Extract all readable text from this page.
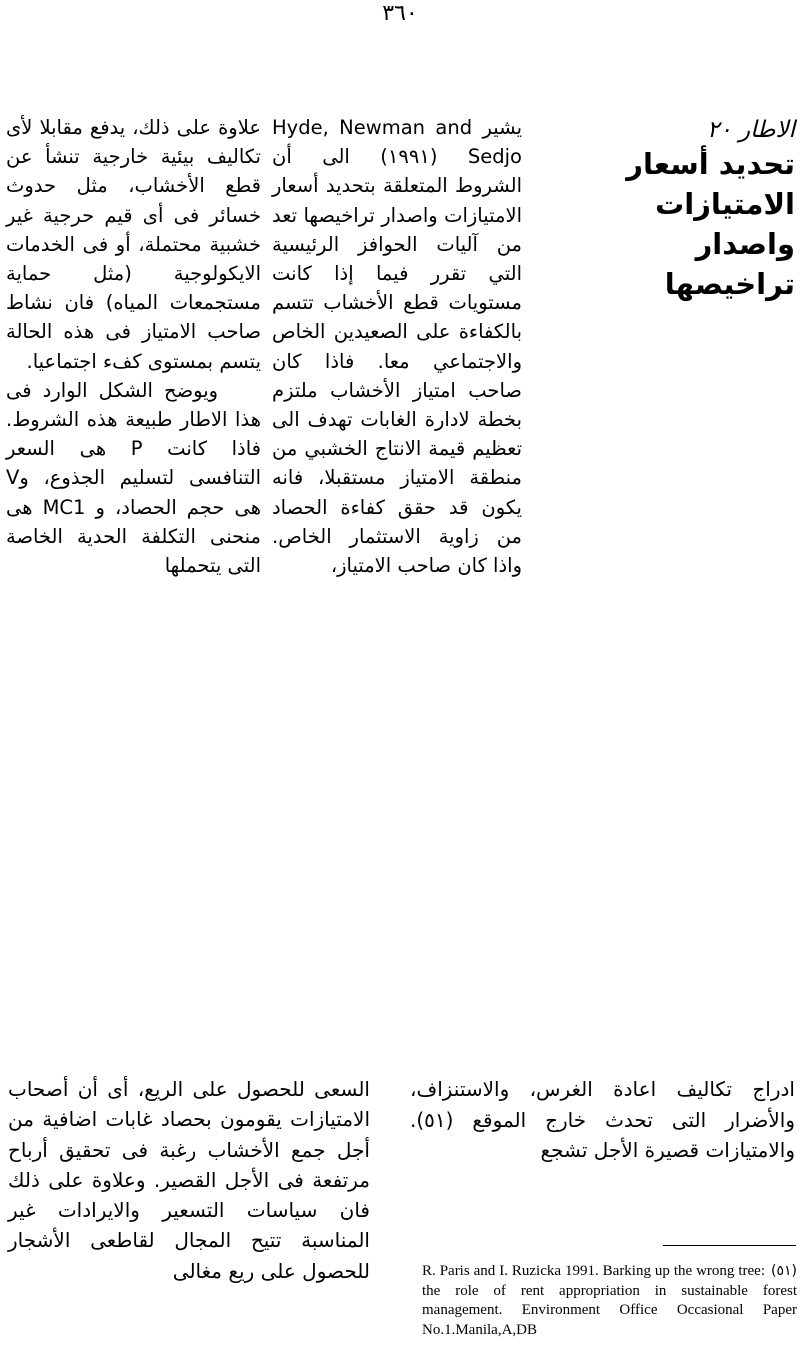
٣٦٠
الاطار ٢٠
تحديد أسعار الامتيازات واصدار تراخيصها

يشير Hyde, Newman and Sedjo (١٩٩١) الى أن الشروط المتعلقة بتحديد أسعار الامتيازات واصدار تراخيصها تعد من آليات الحوافز الرئيسية التي تقرر فيما إذا كانت مستويات قطع الأخشاب تتسم بالكفاءة على الصعيدين الخاص والاجتماعي معا. فاذا كان صاحب امتياز الأخشاب ملتزم بخطة لادارة الغابات تهدف الى تعظيم قيمة الانتاج الخشبي من منطقة الامتياز مستقبلا، فانه يكون قد حقق كفاءة الحصاد من زاوية الاستثمار الخاص. واذا كان صاحب الامتياز،

علاوة على ذلك، يدفع مقابلا لأى تكاليف بيئية خارجية تنشأ عن قطع الأخشاب، مثل حدوث خسائر فى أى قيم حرجية غير خشبية محتملة، أو فى الخدمات الايكولوجية (مثل حماية مستجمعات المياه) فان نشاط صاحب الامتياز فى هذه الحالة يتسم بمستوى كفء اجتماعيا.

ويوضح الشكل الوارد فى هذا الاطار طبيعة هذه الشروط. فاذا كانت P هى السعر التنافسى لتسليم الجذوع، وV هى حجم الحصاد، و MC1 هى منحنى التكلفة الحدية الخاصة التى يتحملها

ادراج تكاليف اعادة الغرس، والاستنزاف، والأضرار التى تحدث خارج الموقع (٥١). والامتيازات قصيرة الأجل تشجع

السعى للحصول على الريع، أى أن أصحاب الامتيازات يقومون بحصاد غابات اضافية من أجل جمع الأخشاب رغبة فى تحقيق أرباح مرتفعة فى الأجل القصير. وعلاوة على ذلك فان سياسات التسعير والايرادات غير المناسبة تتيح المجال لقاطعى الأشجار للحصول على ريع مغالى	(٥١)
R. Paris and I. Ruzicka 1991. Barking up the wrong tree: the role of rent appropriation in sustainable forest management. Environment Office Occasional Paper No.1.Manila,A,DB
